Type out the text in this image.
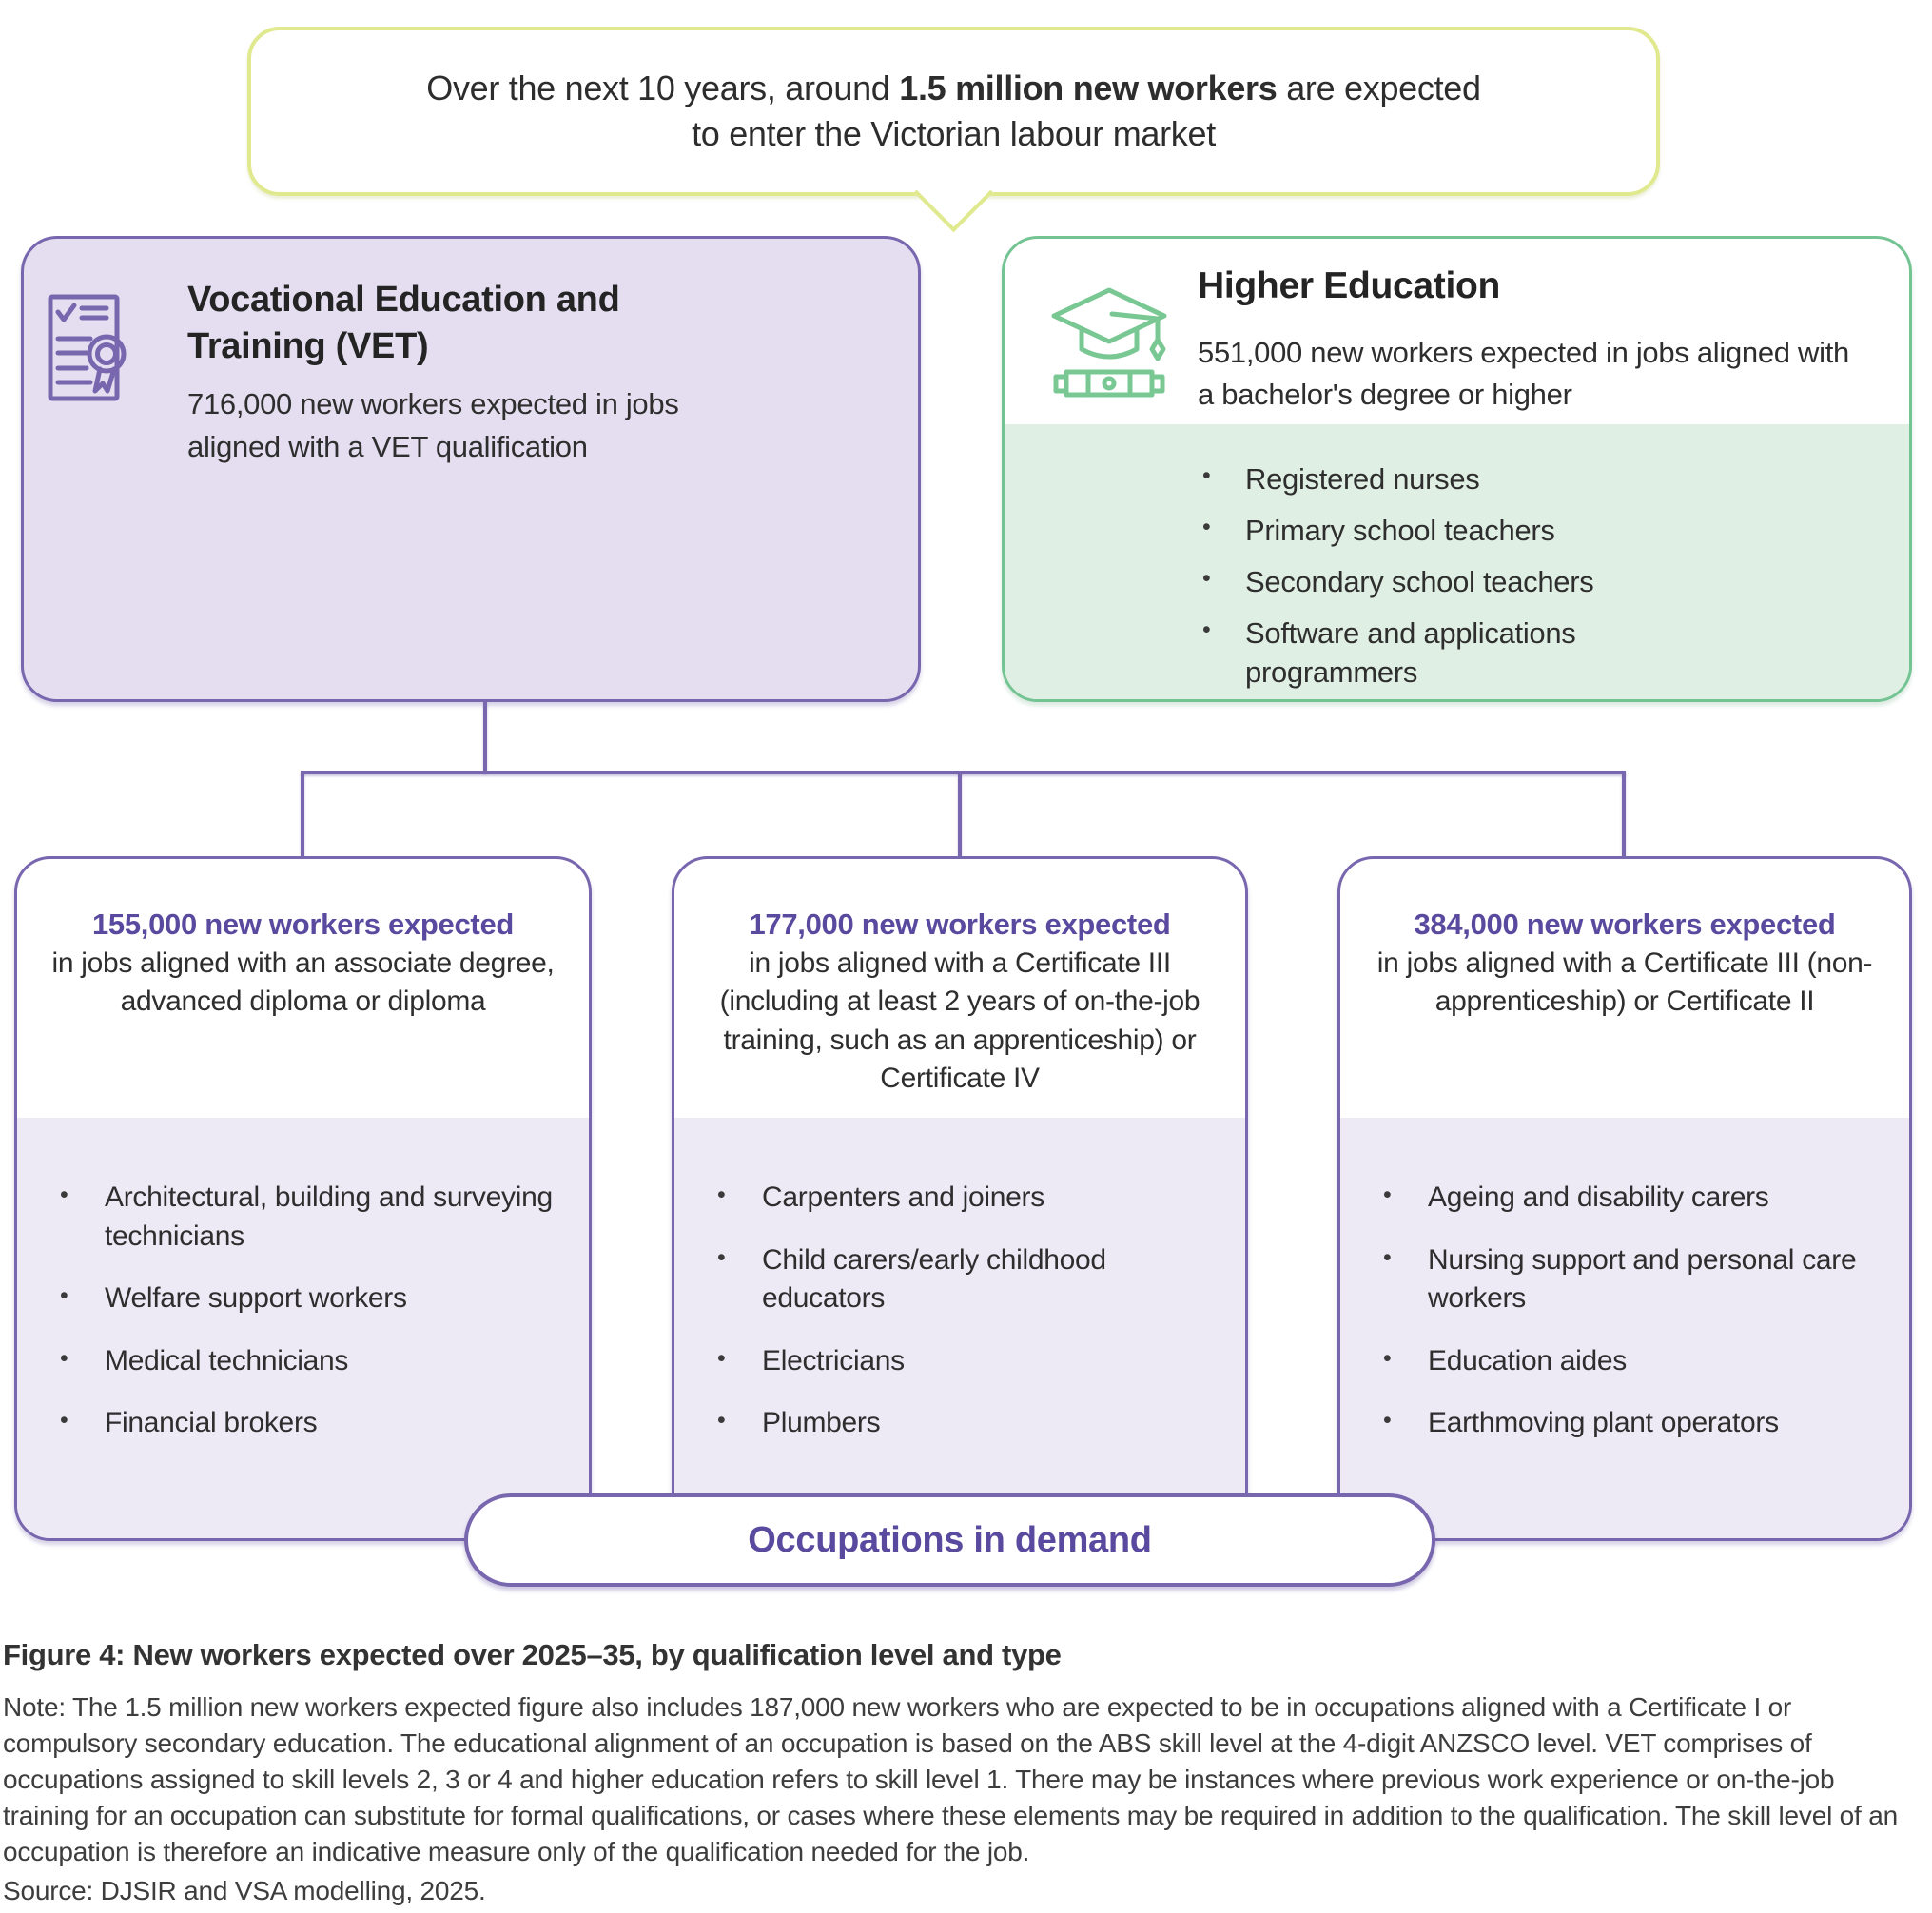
Over the next 10 years, around 1.5 million new workers are expected
to enter the Victorian labour market
Vocational Education and Training (VET)
716,000 new workers expected in jobs aligned with a VET qualification
Higher Education
551,000 new workers expected in jobs aligned with a bachelor's degree or higher
• Registered nurses
• Primary school teachers
• Secondary school teachers
• Software and applications programmers
155,000 new workers expected
in jobs aligned with an associate degree, advanced diploma or diploma
• Architectural, building and surveying technicians
• Welfare support workers
• Medical technicians
• Financial brokers
177,000 new workers expected
in jobs aligned with a Certificate III (including at least 2 years of on-the-job training, such as an apprenticeship) or Certificate IV
• Carpenters and joiners
• Child carers/early childhood educators
• Electricians
• Plumbers
384,000 new workers expected
in jobs aligned with a Certificate III (non-apprenticeship) or Certificate II
• Ageing and disability carers
• Nursing support and personal care workers
• Education aides
• Earthmoving plant operators
Occupations in demand
Figure 4: New workers expected over 2025–35, by qualification level and type
Note: The 1.5 million new workers expected figure also includes 187,000 new workers who are expected to be in occupations aligned with a Certificate I or compulsory secondary education. The educational alignment of an occupation is based on the ABS skill level at the 4-digit ANZSCO level. VET comprises of occupations assigned to skill levels 2, 3 or 4 and higher education refers to skill level 1. There may be instances where previous work experience or on-the-job training for an occupation can substitute for formal qualifications, or cases where these elements may be required in addition to the qualification. The skill level of an occupation is therefore an indicative measure only of the qualification needed for the job.
Source: DJSIR and VSA modelling, 2025.
